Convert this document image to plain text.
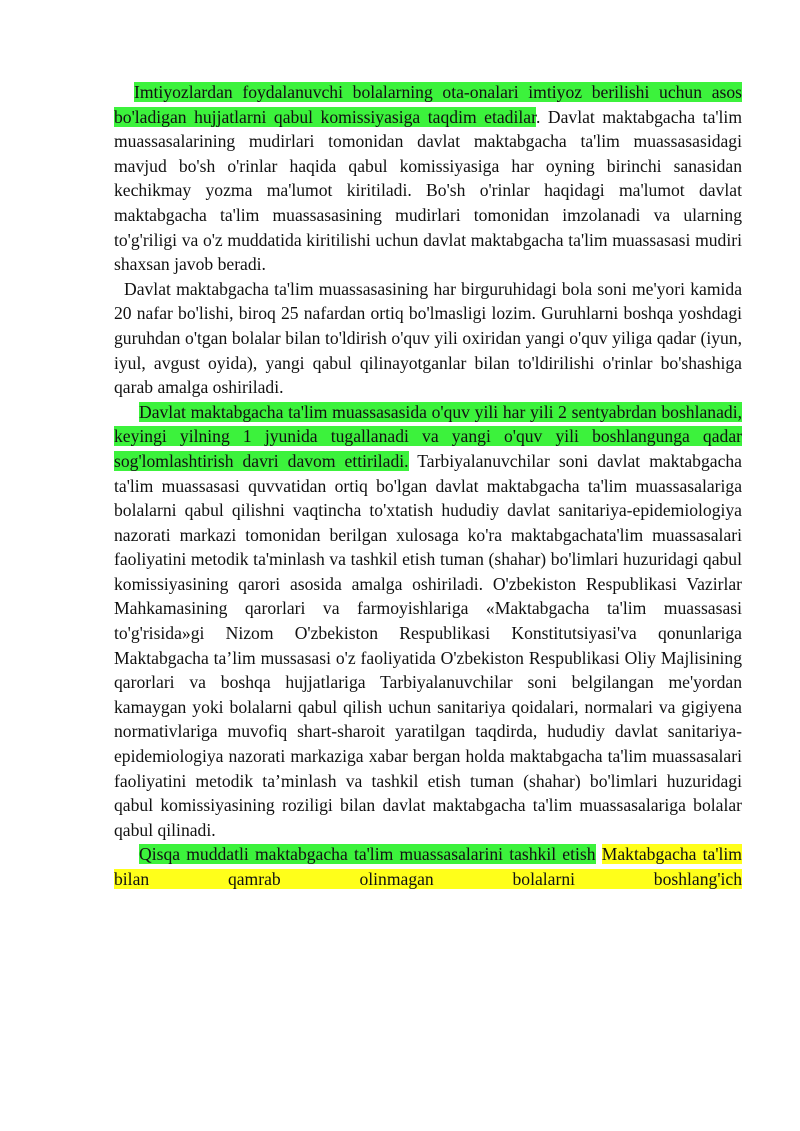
Imtiyozlardan foydalanuvchi bolalarning ota-onalari imtiyoz berilishi uchun asos bo'ladigan hujjatlarni qabul komissiyasiga taqdim etadilar. Davlat maktabgacha ta'lim muassasalarining mudirlari tomonidan davlat maktabgacha ta'lim muassasasidagi mavjud bo'sh o'rinlar haqida qabul komissiyasiga har oyning birinchi sanasidan kechikmay yozma ma'lumot kiritiladi. Bo'sh o'rinlar haqidagi ma'lumot davlat maktabgacha ta'lim muassasasining mudirlari tomonidan imzolanadi va ularning to'g'riligi va o'z muddatida kiritilishi uchun davlat maktabgacha ta'lim muassasasi mudiri shaxsan javob beradi.

Davlat maktabgacha ta'lim muassasasining har birguruhidagi bola soni me'yori kamida 20 nafar bo'lishi, biroq 25 nafardan ortiq bo'lmasligi lozim. Guruhlarni boshqa yoshdagi guruhdan o'tgan bolalar bilan to'ldirish o'quv yili oxiridan yangi o'quv yiliga qadar (iyun, iyul, avgust oyida), yangi qabul qilinayotganlar bilan to'ldirilishi o'rinlar bo'shashiga qarab amalga oshiriladi.

Davlat maktabgacha ta'lim muassasasida o'quv yili har yili 2 sentyabrdan boshlanadi, keyingi yilning 1 jyunida tugallanadi va yangi o'quv yili boshlangunga qadar sog'lomlashtirish davri davom ettiriladi. Tarbiyalanuvchilar soni davlat maktabgacha ta'lim muassasasi quvvatidan ortiq bo'lgan davlat maktabgacha ta'lim muassasalariga bolalarni qabul qilishni vaqtincha to'xtatish hududiy davlat sanitariya-epidemiologiya nazorati markazi tomonidan berilgan xulosaga ko'ra maktabgachata'lim muassasalari faoliyatini metodik ta'minlash va tashkil etish tuman (shahar) bo'limlari huzuridagi qabul komissiyasining qarori asosida amalga oshiriladi. O'zbekiston Respublikasi Vazirlar Mahkamasining qarorlari va farmoyishlariga «Maktabgacha ta'lim muassasasi to'g'risida»gi Nizom O'zbekiston Respublikasi Konstitutsiyasi'va qonunlariga Maktabgacha ta’lim mussasasi o'z faoliyatida O'zbekiston Respublikasi Oliy Majlisining qarorlari va boshqa hujjatlariga Tarbiyalanuvchilar soni belgilangan me'yordan kamaygan yoki bolalarni qabul qilish uchun sanitariya qoidalari, normalari va gigiyena normativlariga muvofiq shart-sharoit yaratilgan taqdirda, hududiy davlat sanitariya-epidemiologiya nazorati markaziga xabar bergan holda maktabgacha ta'lim muassasalari faoliyatini metodik ta’minlash va tashkil etish tuman (shahar) bo'limlari huzuridagi qabul komissiyasining roziligi bilan davlat maktabgacha ta'lim muassasalariga bolalar qabul qilinadi.

Qisqa muddatli maktabgacha ta'lim muassasalarini tashkil etish Maktabgacha ta'lim bilan qamrab olinmagan bolalarni boshlang'ich
